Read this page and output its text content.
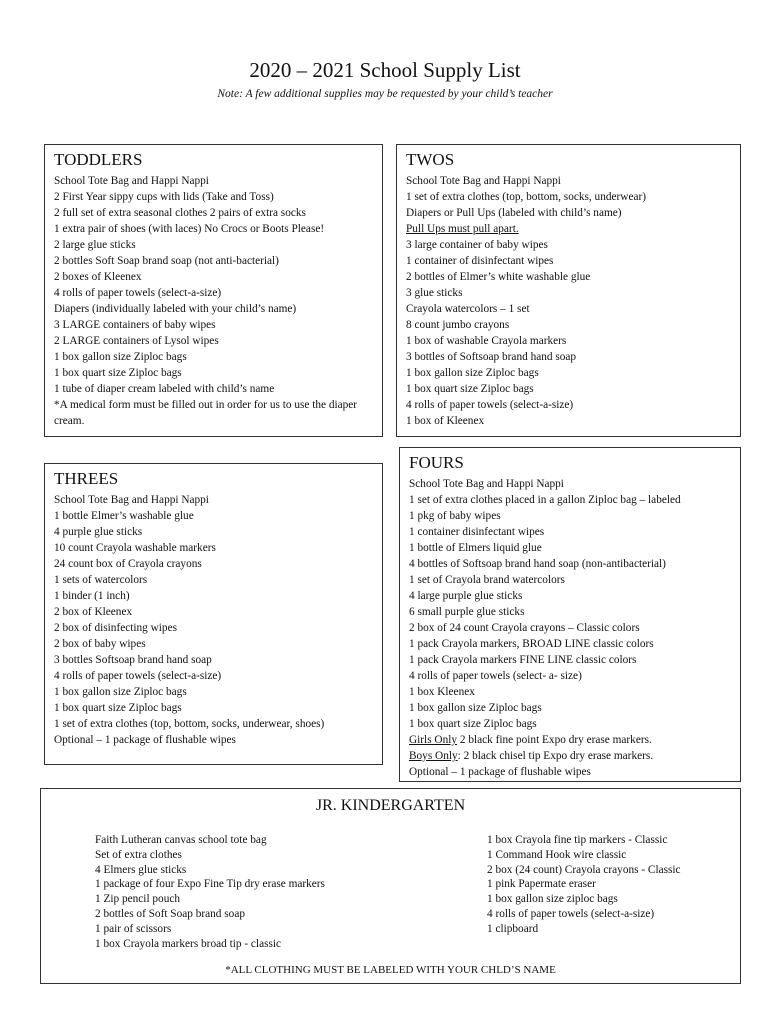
2020 – 2021 School Supply List
Note: A few additional supplies may be requested by your child’s teacher
TODDLERS
School Tote Bag and Happi Nappi
2 First Year sippy cups with lids (Take and Toss)
2 full set of extra seasonal clothes 2 pairs of extra socks
1 extra pair of shoes (with laces) No Crocs or Boots Please!
2 large glue sticks
2 bottles Soft Soap brand soap (not anti-bacterial)
2 boxes of Kleenex
4 rolls of paper towels (select-a-size)
Diapers (individually labeled with your child’s name)
3 LARGE containers of baby wipes
2 LARGE containers of Lysol wipes
1 box gallon size Ziploc bags
1 box quart size Ziploc bags
1 tube of diaper cream labeled with child’s name
*A medical form must be filled out in order for us to use the diaper cream.
TWOS
School Tote Bag and Happi Nappi
1 set of extra clothes (top, bottom, socks, underwear)
Diapers or Pull Ups (labeled with child’s name)
Pull Ups must pull apart.
3 large container of baby wipes
1 container of disinfectant wipes
2 bottles of Elmer’s white washable glue
3 glue sticks
Crayola watercolors – 1 set
8 count jumbo crayons
1 box of washable Crayola markers
3 bottles of Softsoap brand hand soap
1 box gallon size Ziploc bags
1 box quart size Ziploc bags
4 rolls of paper towels (select-a-size)
1 box of Kleenex
THREES
School Tote Bag and Happi Nappi
1 bottle Elmer’s washable glue
4 purple glue sticks
10 count Crayola washable markers
24 count box of Crayola crayons
1 sets of watercolors
1 binder (1 inch)
2 box of Kleenex
2 box of disinfecting wipes
2 box of baby wipes
3 bottles Softsoap brand hand soap
4 rolls of paper towels (select-a-size)
1 box gallon size Ziploc bags
1 box quart size Ziploc bags
1 set of extra clothes (top, bottom, socks, underwear, shoes)
Optional – 1 package of flushable wipes
FOURS
School Tote Bag and Happi Nappi
1 set of extra clothes placed in a gallon Ziploc bag – labeled
1 pkg of baby wipes
1 container disinfectant wipes
1 bottle of Elmers liquid glue
4 bottles of Softsoap brand hand soap (non-antibacterial)
1 set of Crayola brand watercolors
4 large purple glue sticks
6 small purple glue sticks
2 box of 24 count Crayola crayons – Classic colors
1 pack Crayola markers, BROAD LINE classic colors
1 pack Crayola markers FINE LINE classic colors
4 rolls of paper towels (select- a- size)
1 box Kleenex
1 box gallon size Ziploc bags
1 box quart size Ziploc bags
Girls Only 2 black fine point Expo dry erase markers.
Boys Only: 2 black chisel tip Expo dry erase markers.
Optional – 1 package of flushable wipes
JR. KINDERGARTEN
Faith Lutheran canvas school tote bag
Set of extra clothes
4 Elmers glue sticks
1 package of four Expo Fine Tip dry erase markers
1 Zip pencil pouch
2 bottles of Soft Soap brand soap
1 pair of scissors
1 box Crayola markers broad tip - classic
1 box Crayola fine tip markers - Classic
1 Command Hook wire classic
2 box (24 count) Crayola crayons - Classic
1 pink Papermate eraser
1 box gallon size ziploc bags
4 rolls of paper towels (select-a-size)
1 clipboard
*ALL CLOTHING MUST BE LABELED WITH YOUR CHLD’S NAME
